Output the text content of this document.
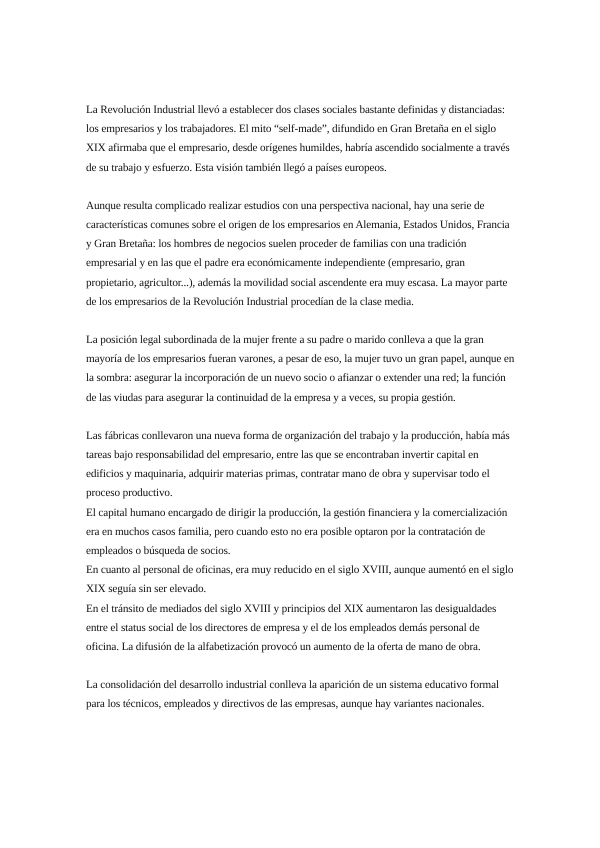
La Revolución Industrial llevó a establecer dos clases sociales bastante definidas y distanciadas: los empresarios y los trabajadores. El mito “self-made”, difundido en Gran Bretaña en el siglo XIX afirmaba que el empresario, desde orígenes humildes, habría ascendido socialmente a través de su trabajo y esfuerzo. Esta visión también llegó a países europeos.

Aunque resulta complicado realizar estudios con una perspectiva nacional, hay una serie de características comunes sobre el origen de los empresarios en Alemania, Estados Unidos, Francia y Gran Bretaña: los hombres de negocios suelen proceder de familias con una tradición empresarial y en las que el padre era económicamente independiente (empresario, gran propietario, agricultor...), además la movilidad social ascendente era muy escasa. La mayor parte de los empresarios de la Revolución Industrial procedían de la clase media.

La posición legal subordinada de la mujer frente a su padre o marido conlleva a que la gran mayoría de los empresarios fueran varones, a pesar de eso, la mujer tuvo un gran papel, aunque en la sombra: asegurar la incorporación de un nuevo socio o afianzar o extender una red; la función de las viudas para asegurar la continuidad de la empresa y a veces, su propia gestión.

Las fábricas conllevaron una nueva forma de organización del trabajo y la producción, había más tareas bajo responsabilidad del empresario, entre las que se encontraban invertir capital en edificios y maquinaria, adquirir materias primas, contratar mano de obra y supervisar todo el proceso productivo.

El capital humano encargado de dirigir la producción, la gestión financiera y la comercialización era en muchos casos familia, pero cuando esto no era posible optaron por la contratación de empleados o búsqueda de socios.

En cuanto al personal de oficinas, era muy reducido en el siglo XVIII, aunque aumentó en el siglo XIX seguía sin ser elevado.

En el tránsito de mediados del siglo XVIII y principios del XIX aumentaron las desigualdades entre el status social de los directores de empresa y el de los empleados demás personal de oficina. La difusión de la alfabetización provocó un aumento de la oferta de mano de obra.

La consolidación del desarrollo industrial conlleva la aparición de un sistema educativo formal para los técnicos, empleados y directivos de las empresas, aunque hay variantes nacionales.
